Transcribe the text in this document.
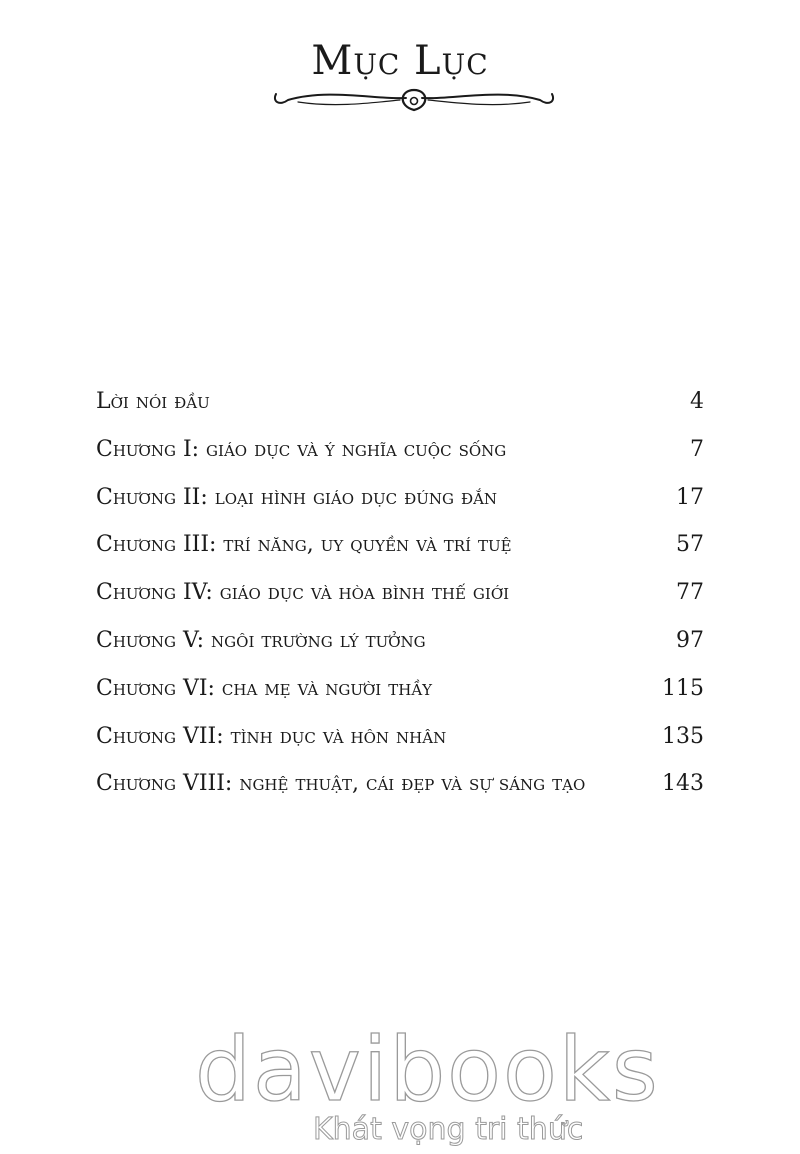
Mục Lục
Lời nói đầu	4
Chương I: giáo dục và ý nghĩa cuộc sống	7
Chương II: loại hình giáo dục đúng đắn	17
Chương III: trí năng, uy quyền và trí tuệ	57
Chương IV: giáo dục và hòa bình thế giới	77
Chương V: ngôi trường lý tưởng	97
Chương VI: cha mẹ và người thầy	115
Chương VII: tình dục và hôn nhân	135
Chương VIII: nghệ thuật, cái đẹp và sự sáng tạo	143
davibooks
Khát vọng tri thức
